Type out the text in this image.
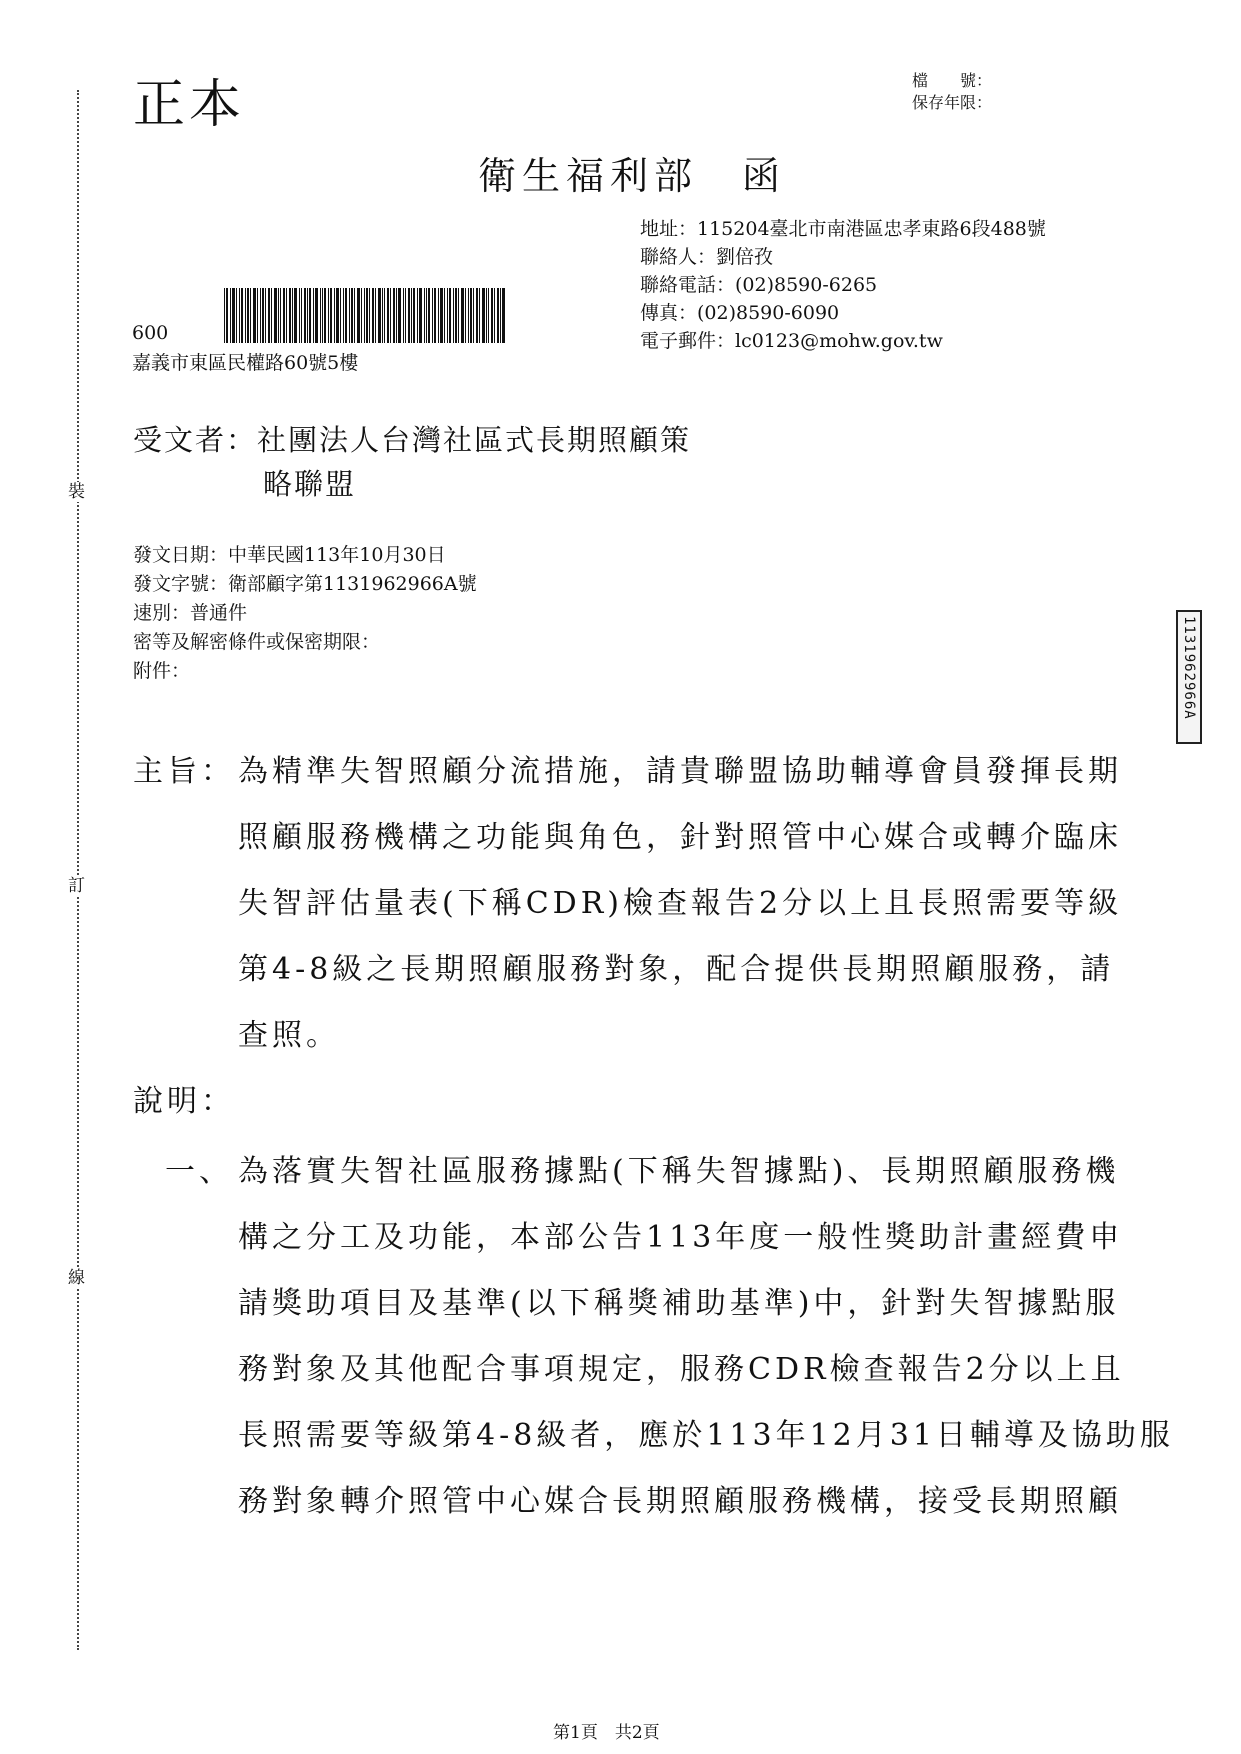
裝
訂
線
1131962966A
正本	檔　　號：
保存年限：
衛生福利部　函
地址：115204臺北市南港區忠孝東路6段488號
聯絡人：劉倍孜
聯絡電話：(02)8590-6265
傳真：(02)8590-6090
電子郵件：lc0123@mohw.gov.tw
600
嘉義市東區民權路60號5樓
受文者：社團法人台灣社區式長期照顧策
略聯盟
發文日期：中華民國113年10月30日
發文字號：衛部顧字第1131962966A號
速別：普通件
密等及解密條件或保密期限：
附件：
主旨： 為精準失智照顧分流措施，請貴聯盟協助輔導會員發揮長期
照顧服務機構之功能與角色，針對照管中心媒合或轉介臨床
失智評估量表(下稱CDR)檢查報告2分以上且長照需要等級
第4-8級之長期照顧服務對象，配合提供長期照顧服務，請
查照。
說明：
一、 為落實失智社區服務據點(下稱失智據點)、長期照顧服務機
構之分工及功能，本部公告113年度一般性獎助計畫經費申
請獎助項目及基準(以下稱獎補助基準)中，針對失智據點服
務對象及其他配合事項規定，服務CDR檢查報告2分以上且
長照需要等級第4-8級者，應於113年12月31日輔導及協助服
務對象轉介照管中心媒合長期照顧服務機構，接受長期照顧
第1頁　共2頁
